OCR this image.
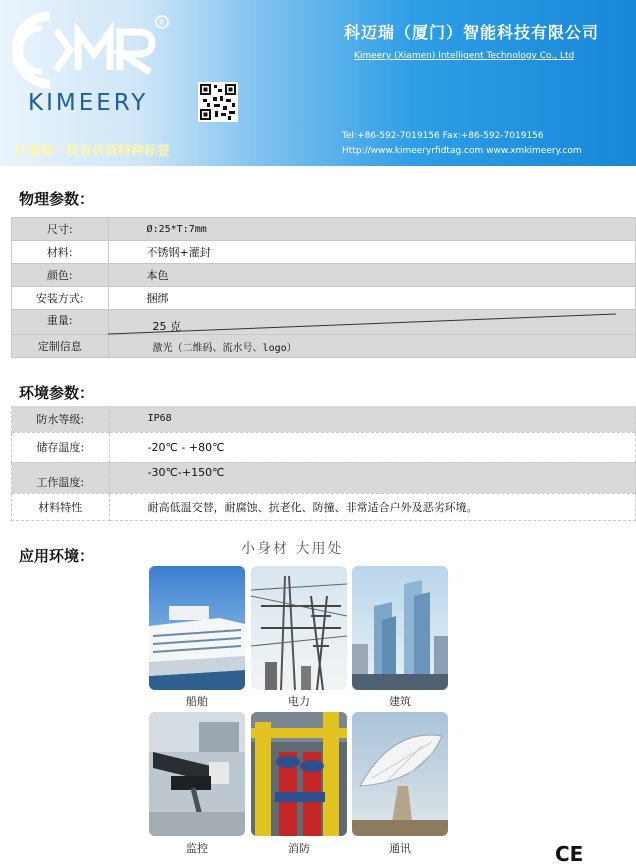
R
KIMEERY
科迈瑞（厦门）智能科技有限公司
Kimeery (Xiamen) Intelligent Technology Co., Ltd
打造每一枚有价值特种标签
Tel:+86-592-7019156 Fax:+86-592-7019156
Http://www.kimeeryrfidtag.com www.xmkimeery.com
物理参数：
尺寸:	Ø:25*T:7mm
材料:	不锈钢+灌封
颜色:	本色
安装方式:	捆绑
重量:	25 克
定制信息	激光（二维码、流水号、logo）
环境参数：
防水等级:	IP68
储存温度:	-20℃ - +80℃
工作温度:	-30℃-+150℃
材料特性	耐高低温交替，耐腐蚀、抗老化、防撞、非常适合户外及恶劣环境。
应用环境：	小身材 大用处
船舶	电力	建筑
监控	消防	通讯	CE
